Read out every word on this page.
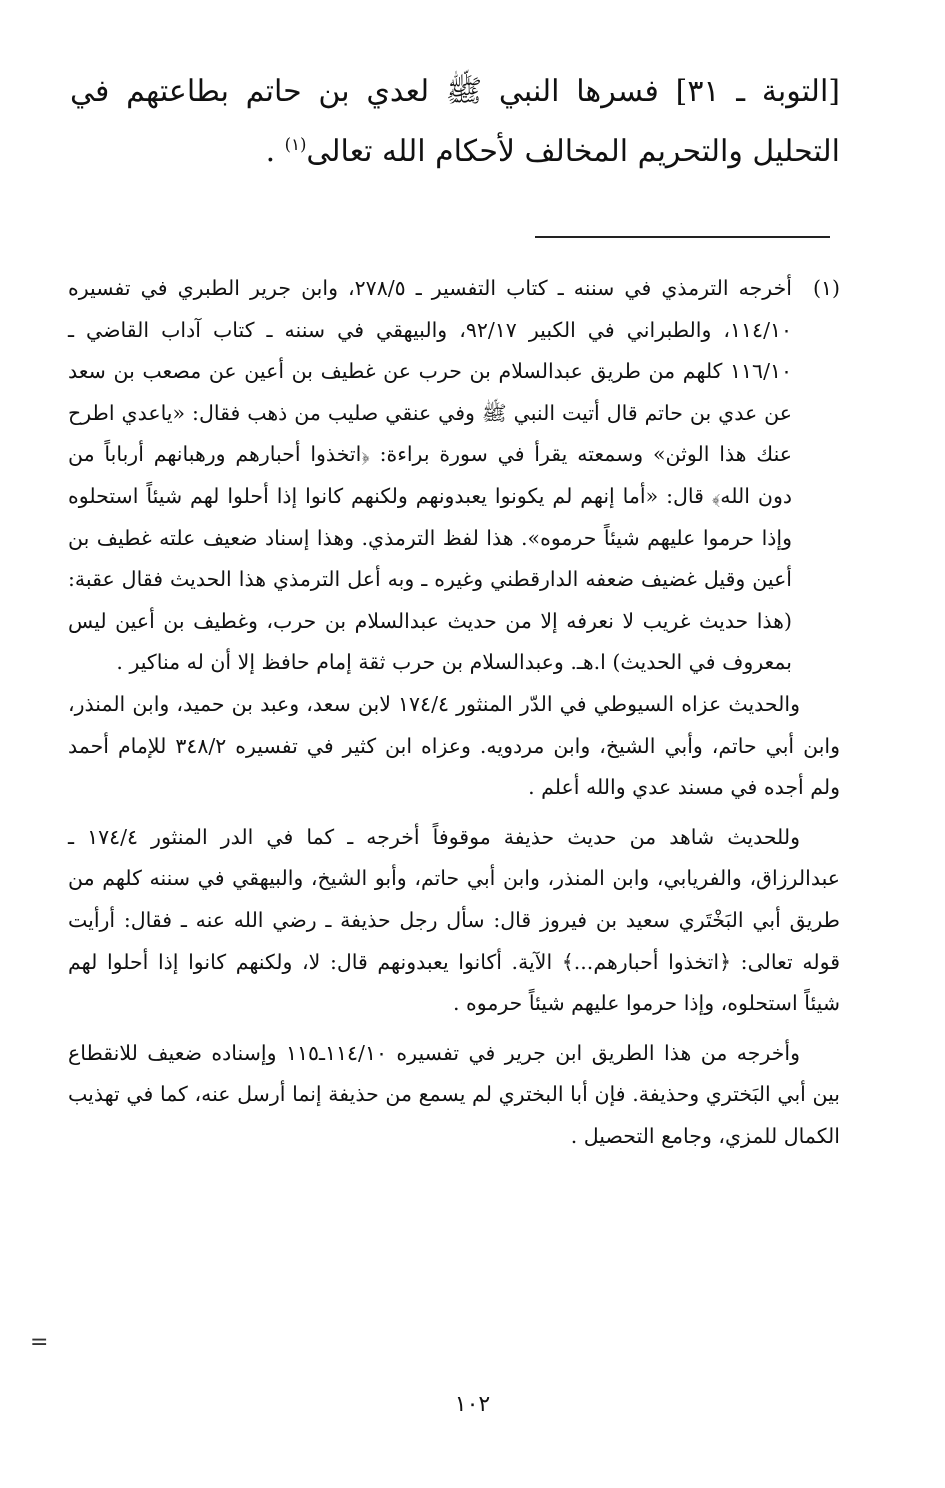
[التوبة ـ ٣١] فسرها النبي ﷺ لعدي بن حاتم بطاعتهم في التحليل والتحريم المخالف لأحكام الله تعالى$^{(١)}$ .

(١)

أخرجه الترمذي في سننه ـ كتاب التفسير ـ ٢٧٨/٥، وابن جرير الطبري في تفسيره ١١٤/١٠، والطبراني في الكبير ٩٢/١٧، والبيهقي في سننه ـ كتاب آداب القاضي ـ ١١٦/١٠ كلهم من طريق عبدالسلام بن حرب عن غطيف بن أعين عن مصعب بن سعد عن عدي بن حاتم قال أتيت النبي ﷺ وفي عنقي صليب من ذهب فقال: «ياعدي اطرح عنك هذا الوثن» وسمعته يقرأ في سورة براءة: ﴿اتخذوا أحبارهم ورهبانهم أرباباً من دون الله﴾ قال: «أما إنهم لم يكونوا يعبدونهم ولكنهم كانوا إذا أحلوا لهم شيئاً استحلوه وإذا حرموا عليهم شيئاً حرموه». هذا لفظ الترمذي. وهذا إسناد ضعيف علته غطيف بن أعين وقيل غضيف ضعفه الدارقطني وغيره ـ وبه أعل الترمذي هذا الحديث فقال عقبة: (هذا حديث غريب لا نعرفه إلا من حديث عبدالسلام بن حرب، وغطيف بن أعين ليس بمعروف في الحديث) ا.هـ. وعبدالسلام بن حرب ثقة إمام حافظ إلا أن له مناكير .

والحديث عزاه السيوطي في الدّر المنثور ١٧٤/٤ لابن سعد، وعبد بن حميد، وابن المنذر، وابن أبي حاتم، وأبي الشيخ، وابن مردويه. وعزاه ابن كثير في تفسيره ٣٤٨/٢ للإمام أحمد ولم أجده في مسند عدي والله أعلم .

وللحديث شاهد من حديث حذيفة موقوفاً أخرجه ـ كما في الدر المنثور ١٧٤/٤ ـ عبدالرزاق، والفريابي، وابن المنذر، وابن أبي حاتم، وأبو الشيخ، والبيهقي في سننه كلهم من طريق أبي البَخْتَري سعيد بن فيروز قال: سأل رجل حذيفة ـ رضي الله عنه ـ فقال: أرأيت قوله تعالى: ﴿اتخذوا أحبارهم...﴾ الآية. أكانوا يعبدونهم قال: لا، ولكنهم كانوا إذا أحلوا لهم شيئاً استحلوه، وإذا حرموا عليهم شيئاً حرموه .

وأخرجه من هذا الطريق ابن جرير في تفسيره ١١٤/١٠ـ١١٥ وإسناده ضعيف للانقطاع بين أبي البَختري وحذيفة. فإن أبا البختري لم يسمع من حذيفة إنما أرسل عنه، كما في تهذيب الكمال للمزي، وجامع التحصيل .

=
١٠٢
